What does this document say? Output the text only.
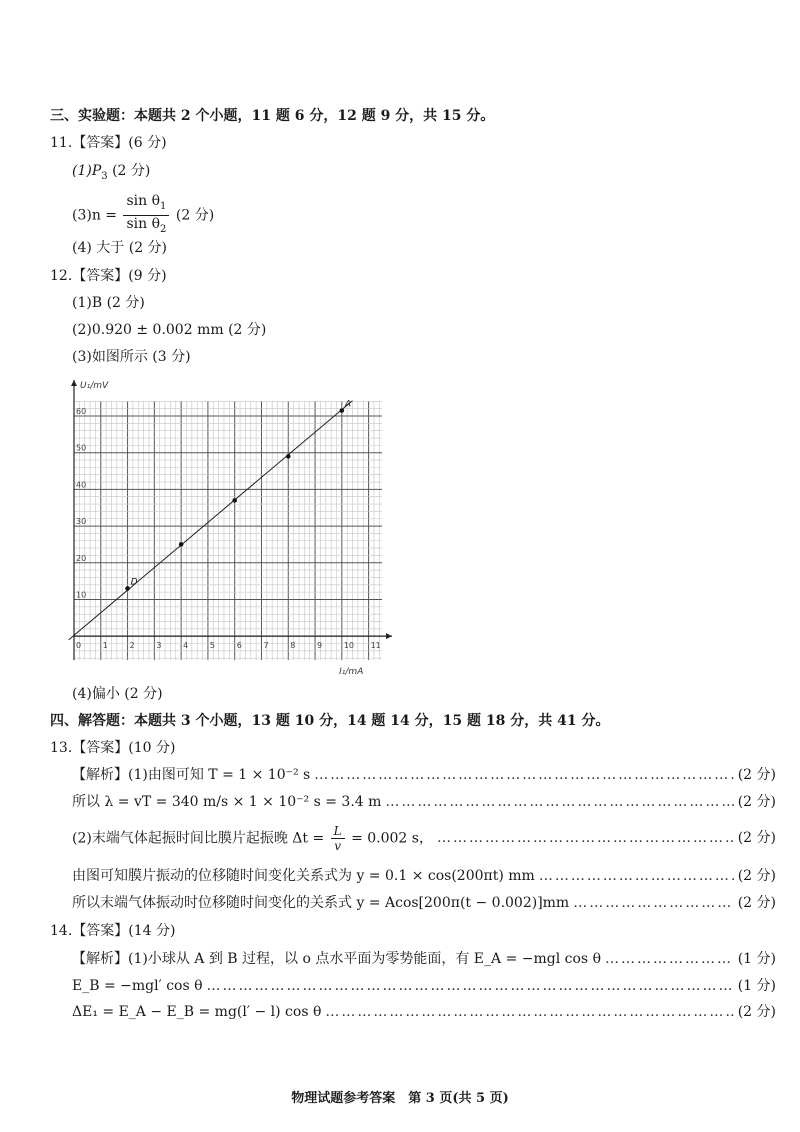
三、实验题：本题共 2 个小题，11 题 6 分，12 题 9 分，共 15 分。
11.【答案】(6 分)
$(1)P_3$ (2 分)
$(3)n = \frac{\sin \theta_1}{\sin \theta_2} (2$ 分)
(4) 大于 (2 分)
12.【答案】(9 分)
(1)B (2 分)
(2)0.920 ± 0.002 mm (2 分)
(3)如图所示 (3 分)
0	1	2	3	4	5	6	7	8	9	10 11
10
20
30
40
50
60
U₁/mV
I₁/mA
D
A
(4)偏小 (2 分)
四、解答题：本题共 3 个小题，13 题 10 分，14 题 14 分，15 题 18 分，共 41 分。
13.【答案】(10 分)
【解析】(1)由图可知 T = 1 × 10⁻² s ……………………………………………………………………………………………………………………………………………………………………………………………………………………	(2 分)
所以 λ = vT = 340 m/s × 1 × 10⁻² s = 3.4 m ……………………………………………………………………………………………………………………………………………………………………………………………………………………	(2 分)
(2)末端气体起振时间比膜片起振晚 $\Delta t = \frac{L}{v} = 0.002$ s， ……………………………………………………………………………………………………………………………………………………………………………………………………………………	(2 分)
由图可知膜片振动的位移随时间变化关系式为 y = 0.1 × cos(200πt) mm ……………………………………………………………………………………………………………………………………………………………………………………………………………………	(2 分)
所以末端气体振动时位移随时间变化的关系式 y = Acos[200π(t − 0.002)]mm ……………………………………………………………………………………………………………………………………………………………………………………………………………………	(2 分)
14.【答案】(14 分)
【解析】(1)小球从 A 到 B 过程，以 o 点水平面为零势能面，有 E_A = −mgl cos θ ……………………………………………………………………………………………………………………………………………………………………………………………………………………	(1 分)
E_B = −mgl′ cos θ ……………………………………………………………………………………………………………………………………………………………………………………………………………………	(1 分)
ΔE₁ = E_A − E_B = mg(l′ − l) cos θ ……………………………………………………………………………………………………………………………………………………………………………………………………………………	(2 分)
物理试题参考答案　第 3 页(共 5 页)
